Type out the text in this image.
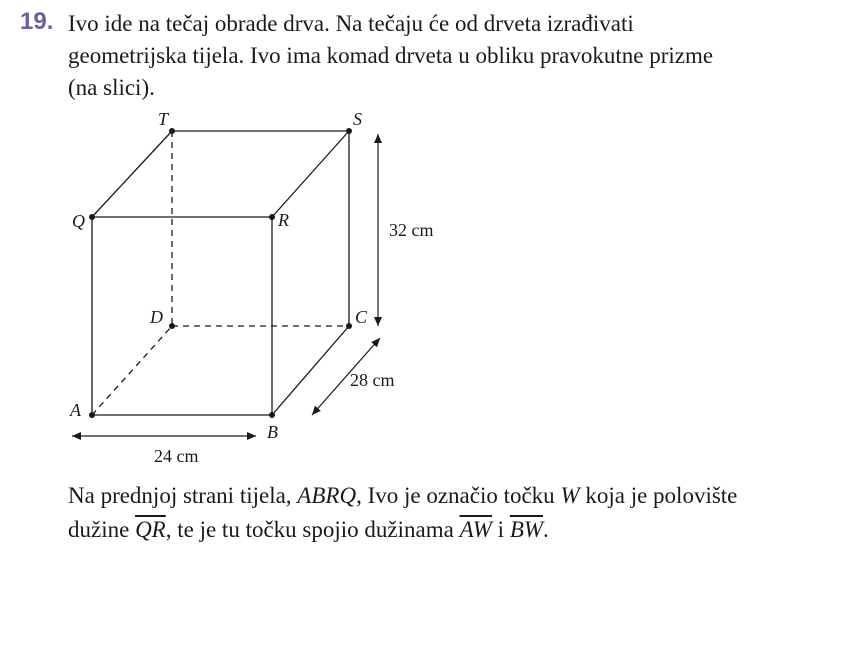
19. Ivo ide na tečaj obrade drva. Na tečaju će od drveta izrađivati
geometrijska tijela. Ivo ima komad drveta u obliku pravokutne prizme
(na slici).

T	S
Q	R
D	C
A
B
32 cm
28 cm
24 cm

Na prednjoj strani tijela, ABRQ, Ivo je označio točku W koja je polovište
dužine $\overline{QR}$, te je tu točku spojio dužinama $\overline{AW}$ i $\overline{BW}$.
